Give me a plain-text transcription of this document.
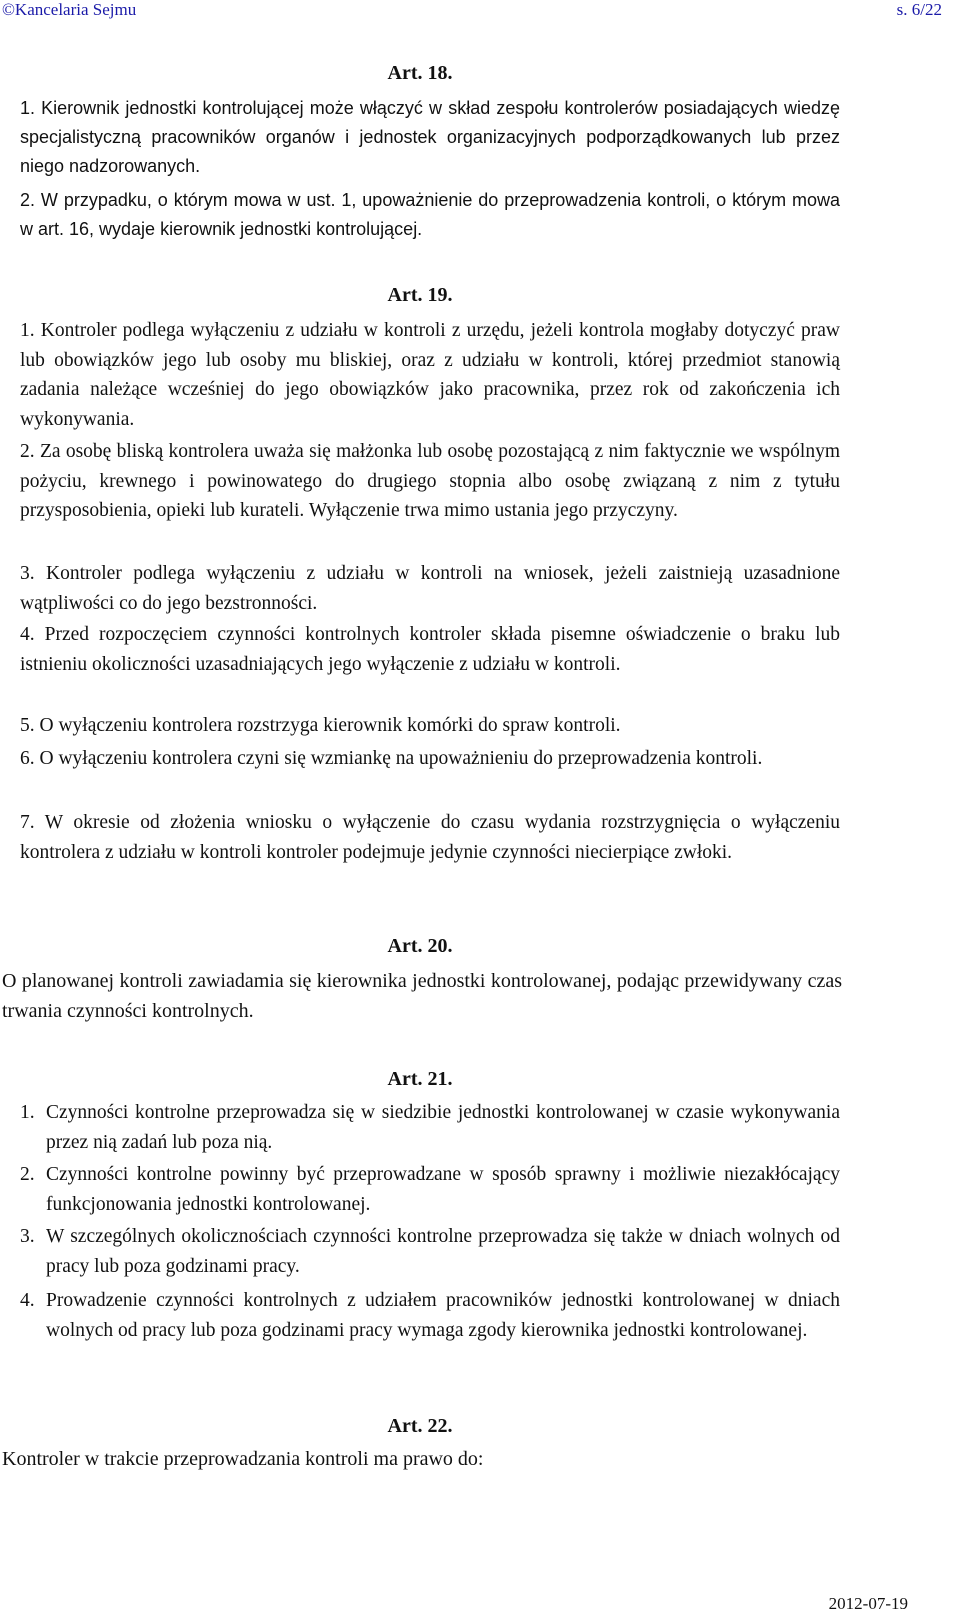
©Kancelaria Sejmu	s. 6/22
Art. 18.
1. Kierownik jednostki kontrolującej może włączyć w skład zespołu kontrolerów posiadających wiedzę specjalistyczną pracowników organów i jednostek organizacyjnych podporządkowanych lub przez niego nadzorowanych.
2. W przypadku, o którym mowa w ust. 1, upoważnienie do przeprowadzenia kontroli, o którym mowa w art. 16, wydaje kierownik jednostki kontrolującej.
Art. 19.
1. Kontroler podlega wyłączeniu z udziału w kontroli z urzędu, jeżeli kontrola mogłaby dotyczyć praw lub obowiązków jego lub osoby mu bliskiej, oraz z udziału w kontroli, której przedmiot stanowią zadania należące wcześniej do jego obowiązków jako pracownika, przez rok od zakończenia ich wykonywania.
2. Za osobę bliską kontrolera uważa się małżonka lub osobę pozostającą z nim faktycznie we wspólnym pożyciu, krewnego i powinowatego do drugiego stopnia albo osobę związaną z nim z tytułu przysposobienia, opieki lub kurateli. Wyłączenie trwa mimo ustania jego przyczyny.
3. Kontroler podlega wyłączeniu z udziału w kontroli na wniosek, jeżeli zaistnieją uzasadnione wątpliwości co do jego bezstronności.
4. Przed rozpoczęciem czynności kontrolnych kontroler składa pisemne oświadczenie o braku lub istnieniu okoliczności uzasadniających jego wyłączenie z udziału w kontroli.
5. O wyłączeniu kontrolera rozstrzyga kierownik komórki do spraw kontroli.
6. O wyłączeniu kontrolera czyni się wzmiankę na upoważnieniu do przeprowadzenia kontroli.
7. W okresie od złożenia wniosku o wyłączenie do czasu wydania rozstrzygnięcia o wyłączeniu kontrolera z udziału w kontroli kontroler podejmuje jedynie czynności niecierpiące zwłoki.
Art. 20.
O planowanej kontroli zawiadamia się kierownika jednostki kontrolowanej, podając przewidywany czas trwania czynności kontrolnych.
Art. 21.
1. Czynności kontrolne przeprowadza się w siedzibie jednostki kontrolowanej w czasie wykonywania przez nią zadań lub poza nią.
2. Czynności kontrolne powinny być przeprowadzane w sposób sprawny i możliwie niezakłócający funkcjonowania jednostki kontrolowanej.
3. W szczególnych okolicznościach czynności kontrolne przeprowadza się także w dniach wolnych od pracy lub poza godzinami pracy.
4. Prowadzenie czynności kontrolnych z udziałem pracowników jednostki kontrolowanej w dniach wolnych od pracy lub poza godzinami pracy wymaga zgody kierownika jednostki kontrolowanej.
Art. 22.
Kontroler w trakcie przeprowadzania kontroli ma prawo do:
2012-07-19
